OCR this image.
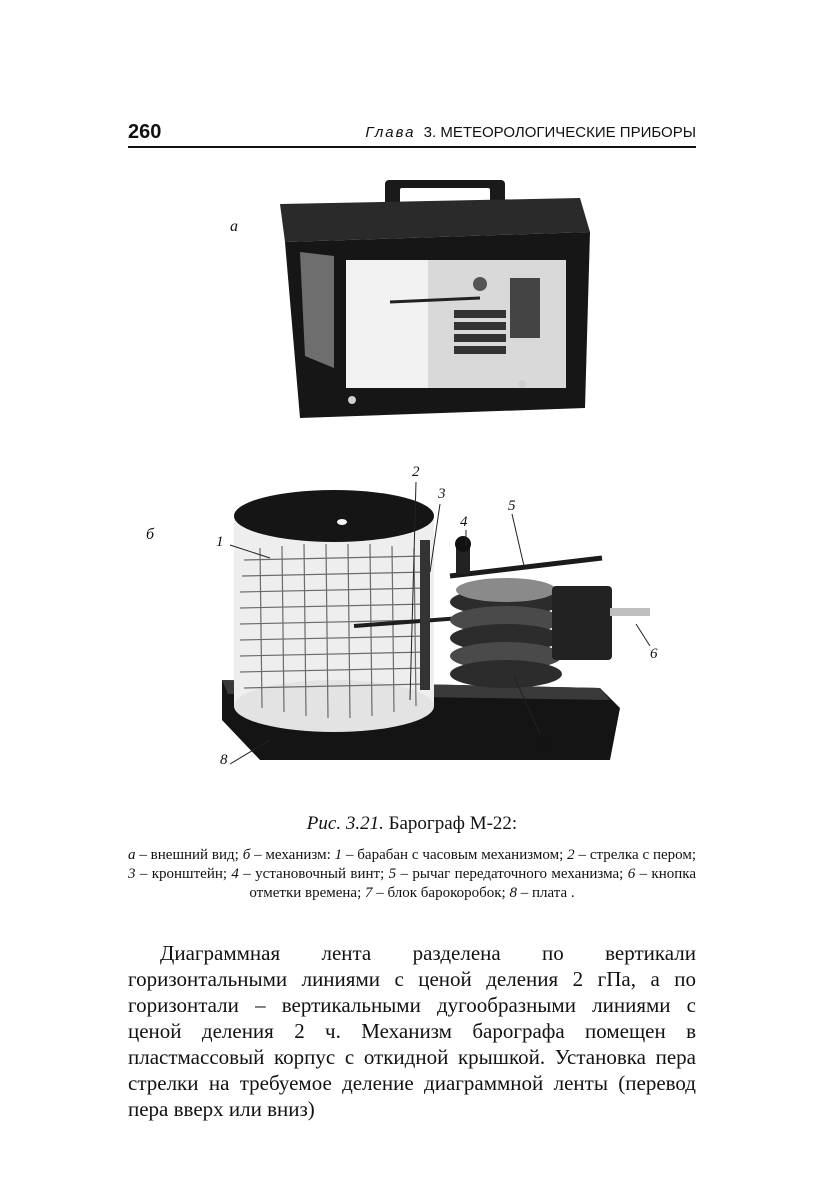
260	Глава 3. МЕТЕОРОЛОГИЧЕСКИЕ ПРИБОРЫ
а
б	1
2
3
4
5
6
7
8
Рис. 3.21. Барограф М-22:
а – внешний вид; б – механизм: 1 – барабан с часовым механизмом; 2 – стрелка с пером; 3 – кронштейн; 4 – установочный винт; 5 – рычаг передаточного механизма; 6 – кнопка отметки времена; 7 – блок барокоробок; 8 – плата .

Диаграммная лента разделена по вертикали горизонтальными линиями с ценой деления 2 гПа, а по горизонтали – вертикальными дугообразными линиями с ценой деления 2 ч. Механизм барографа помещен в пластмассовый корпус с откидной крышкой. Установка пера стрелки на требуемое деление диаграммной ленты (перевод пера вверх или вниз)
